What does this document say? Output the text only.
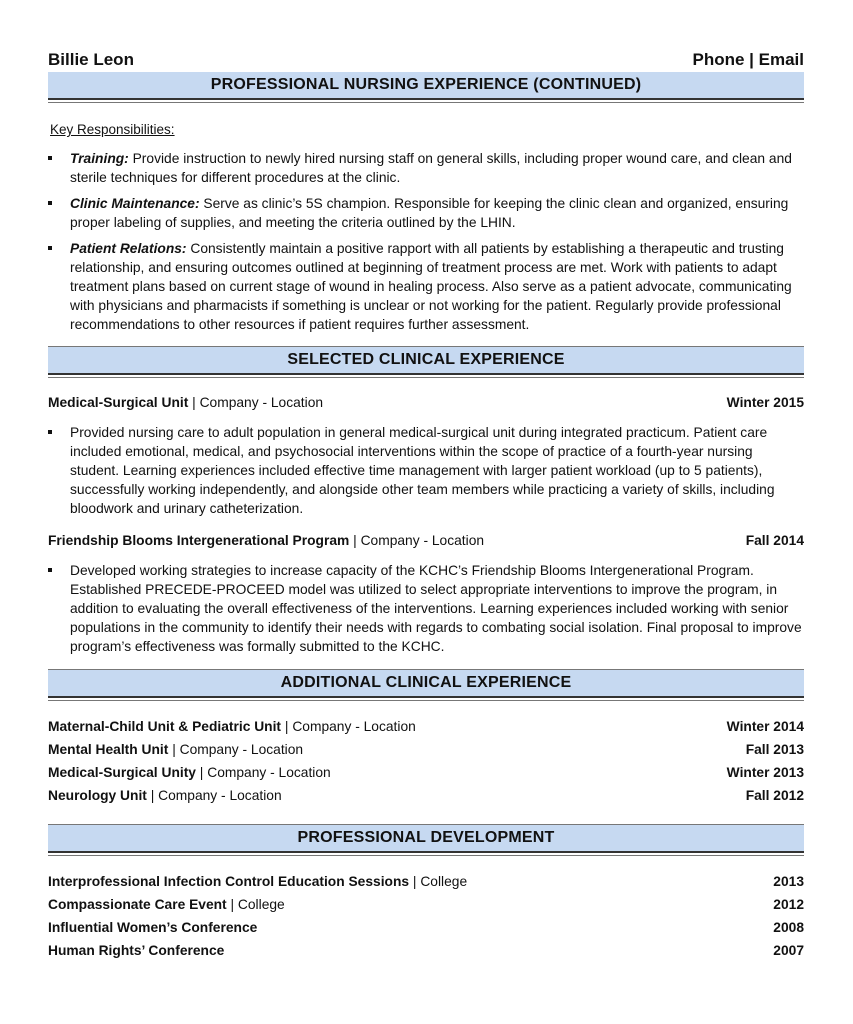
Billie Leon	Phone | Email
PROFESSIONAL NURSING EXPERIENCE (CONTINUED)
Key Responsibilities:
Training: Provide instruction to newly hired nursing staff on general skills, including proper wound care, and clean and sterile techniques for different procedures at the clinic.
Clinic Maintenance: Serve as clinic’s 5S champion. Responsible for keeping the clinic clean and organized, ensuring proper labeling of supplies, and meeting the criteria outlined by the LHIN.
Patient Relations: Consistently maintain a positive rapport with all patients by establishing a therapeutic and trusting relationship, and ensuring outcomes outlined at beginning of treatment process are met. Work with patients to adapt treatment plans based on current stage of wound in healing process. Also serve as a patient advocate, communicating with physicians and pharmacists if something is unclear or not working for the patient. Regularly provide professional recommendations to other resources if patient requires further assessment.
SELECTED CLINICAL EXPERIENCE
Medical-Surgical Unit | Company - Location	Winter 2015
Provided nursing care to adult population in general medical-surgical unit during integrated practicum. Patient care included emotional, medical, and psychosocial interventions within the scope of practice of a fourth-year nursing student. Learning experiences included effective time management with larger patient workload (up to 5 patients), successfully working independently, and alongside other team members while practicing a variety of skills, including bloodwork and urinary catheterization.
Friendship Blooms Intergenerational Program | Company - Location	Fall 2014
Developed working strategies to increase capacity of the KCHC’s Friendship Blooms Intergenerational Program. Established PRECEDE-PROCEED model was utilized to select appropriate interventions to improve the program, in addition to evaluating the overall effectiveness of the interventions. Learning experiences included working with senior populations in the community to identify their needs with regards to combating social isolation. Final proposal to improve program’s effectiveness was formally submitted to the KCHC.
ADDITIONAL CLINICAL EXPERIENCE
Maternal-Child Unit & Pediatric Unit | Company - Location	Winter 2014
Mental Health Unit | Company - Location	Fall 2013
Medical-Surgical Unity | Company - Location	Winter 2013
Neurology Unit | Company - Location	Fall 2012
PROFESSIONAL DEVELOPMENT
Interprofessional Infection Control Education Sessions | College	2013
Compassionate Care Event | College	2012
Influential Women’s Conference	2008
Human Rights’ Conference	2007
